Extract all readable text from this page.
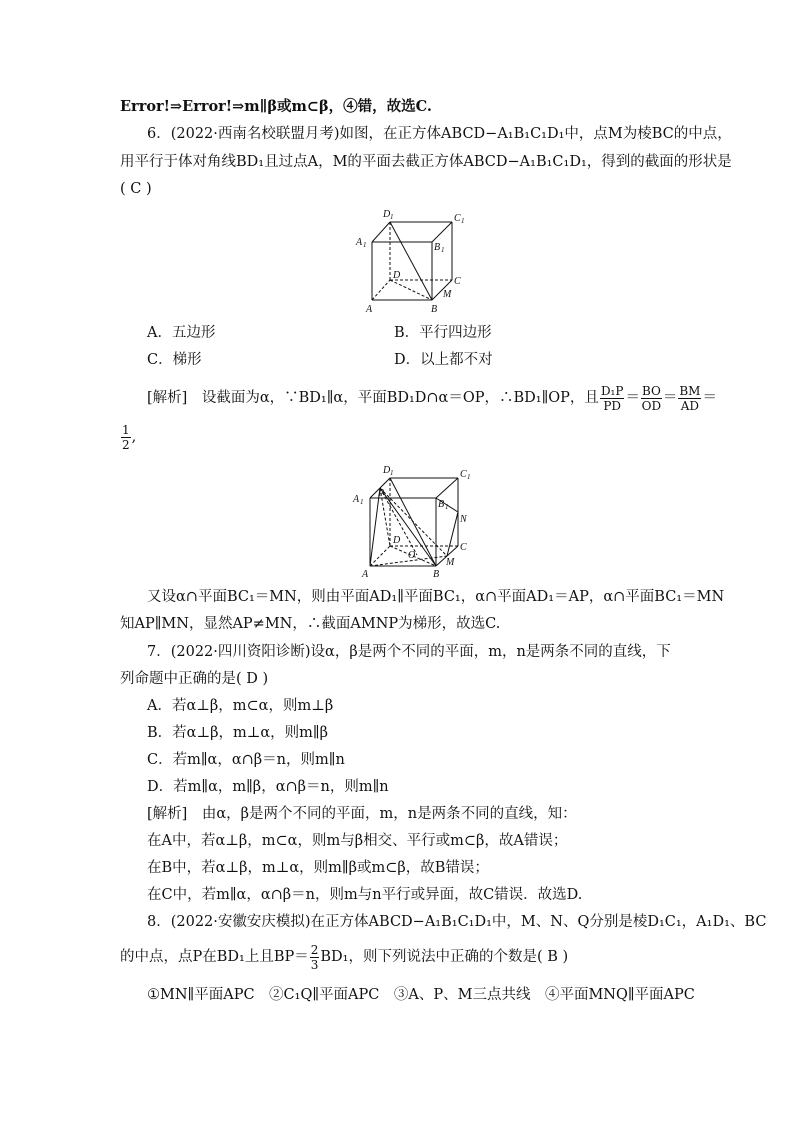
Error!⇒Error!⇒m∥β或m⊂β，④错，故选C.
6．(2022·西南名校联盟月考)如图，在正方体ABCD−A₁B₁C₁D₁中，点M为棱BC的中点，
用平行于体对角线BD₁且过点A，M的平面去截正方体ABCD−A₁B₁C₁D₁，得到的截面的形状是
( C )
D 1	C 1
A 1	B 1
D
C
M
A	B
A．五边形	B．平行四边形
C．梯形	D．以上都不对
[解析]　设截面为α，∵BD₁∥α，平面BD₁D∩α＝OP，∴BD₁∥OP，且 $\frac{\text{D₁P}}{PD} = \frac{BO}{OD} = \frac{BM}{AD}$ ＝
$\frac{1}{2}$ ,
D 1	C 1
A 1
P
B 1
N
D
O
C
M
A	B
又设α∩平面BC₁＝MN，则由平面AD₁∥平面BC₁，α∩平面AD₁＝AP，α∩平面BC₁＝MN
知AP∥MN，显然AP≠MN，∴截面AMNP为梯形，故选C.
7．(2022·四川资阳诊断)设α，β是两个不同的平面，m，n是两条不同的直线，下
列命题中正确的是( D )
A．若α⊥β，m⊂α，则m⊥β
B．若α⊥β，m⊥α，则m∥β
C．若m∥α，α∩β＝n，则m∥n
D．若m∥α，m∥β，α∩β＝n，则m∥n
[解析]　由α，β是两个不同的平面，m，n是两条不同的直线，知：
在A中，若α⊥β，m⊂α，则m与β相交、平行或m⊂β，故A错误；
在B中，若α⊥β，m⊥α，则m∥β或m⊂β，故B错误；
在C中，若m∥α，α∩β＝n，则m与n平行或异面，故C错误．故选D.
8．(2022·安徽安庆模拟)在正方体ABCD−A₁B₁C₁D₁中，M、N、Q分别是棱D₁C₁，A₁D₁、BC
的中点，点P在BD₁上且$BP= \frac{2}{3} BD_1$，则下列说法中正确的个数是( B )
①MN∥平面APC　②C₁Q∥平面APC　③A、P、M三点共线　④平面MNQ∥平面APC
